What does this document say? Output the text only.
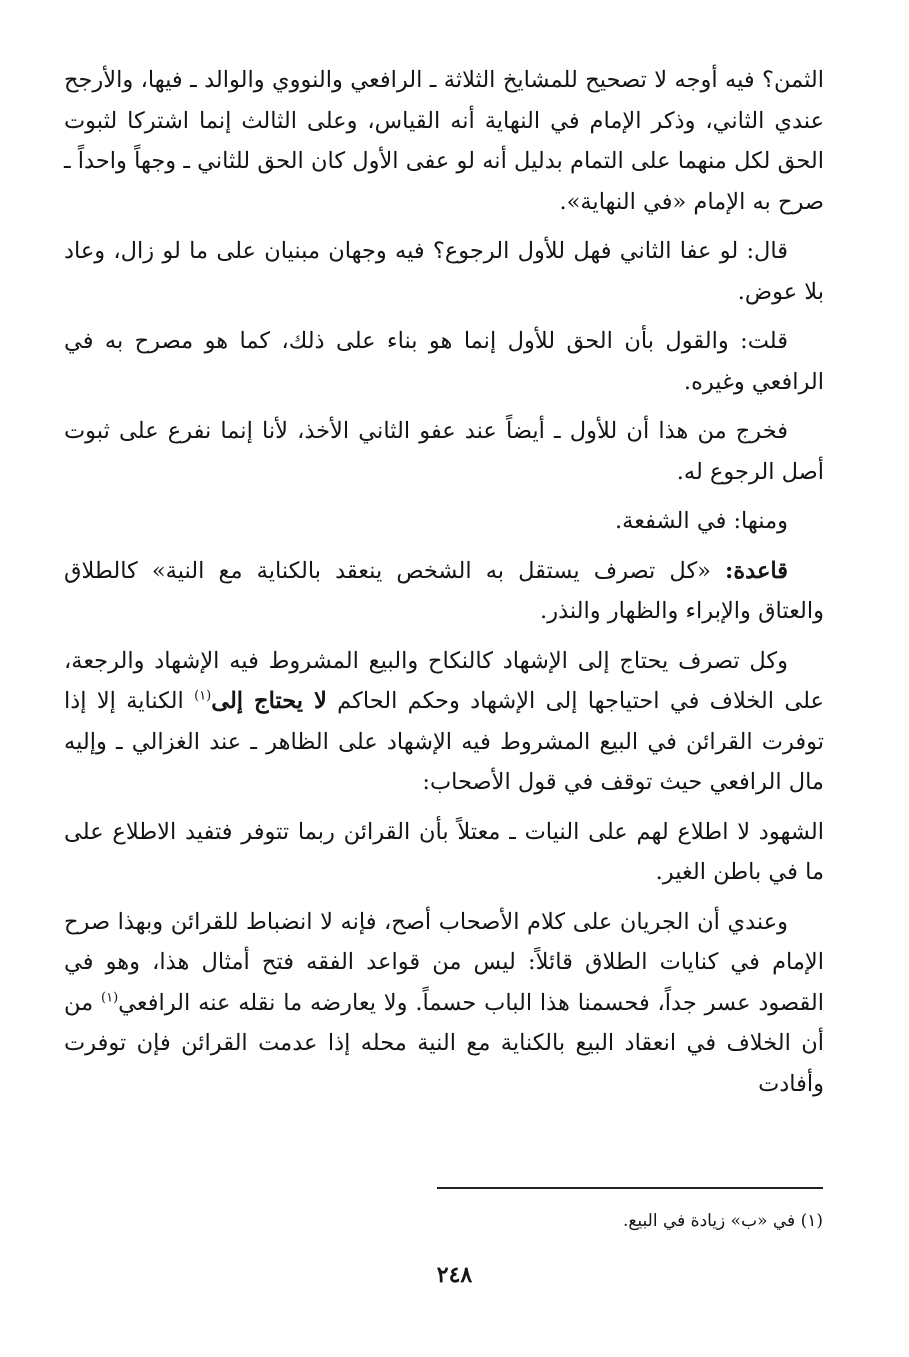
الثمن؟ فيه أوجه لا تصحيح للمشايخ الثلاثة ـ الرافعي والنووي والوالد ـ فيها، والأرجح عندي الثاني، وذكر الإمام في النهاية أنه القياس، وعلى الثالث إنما اشتركا لثبوت الحق لكل منهما على التمام بدليل أنه لو عفى الأول كان الحق للثاني ـ وجهاً واحداً ـ صرح به الإمام «في النهاية».

قال: لو عفا الثاني فهل للأول الرجوع؟ فيه وجهان مبنيان على ما لو زال، وعاد بلا عوض.

قلت: والقول بأن الحق للأول إنما هو بناء على ذلك، كما هو مصرح به في الرافعي وغيره.

فخرج من هذا أن للأول ـ أيضاً عند عفو الثاني الأخذ، لأنا إنما نفرع على ثبوت أصل الرجوع له.

ومنها: في الشفعة.

قاعدة: «كل تصرف يستقل به الشخص ينعقد بالكناية مع النية» كالطلاق والعتاق والإبراء والظهار والنذر.

وكل تصرف يحتاج إلى الإشهاد كالنكاح والبيع المشروط فيه الإشهاد والرجعة، على الخلاف في احتياجها إلى الإشهاد وحكم الحاكم لا يحتاج إلى$^{(١)}$ الكناية إلا إذا توفرت القرائن في البيع المشروط فيه الإشهاد على الظاهر ـ عند الغزالي ـ وإليه مال الرافعي حيث توقف في قول الأصحاب:

الشهود لا اطلاع لهم على النيات ـ معتلاً بأن القرائن ربما تتوفر فتفيد الاطلاع على ما في باطن الغير.

وعندي أن الجريان على كلام الأصحاب أصح، فإنه لا انضباط للقرائن وبهذا صرح الإمام في كنايات الطلاق قائلاً: ليس من قواعد الفقه فتح أمثال هذا، وهو في القصود عسر جداً، فحسمنا هذا الباب حسماً. ولا يعارضه ما نقله عنه الرافعي$^{(١)}$ من أن الخلاف في انعقاد البيع بالكناية مع النية محله إذا عدمت القرائن فإن توفرت وأفادت

(١) في «ب» زيادة في البيع.
٢٤٨
